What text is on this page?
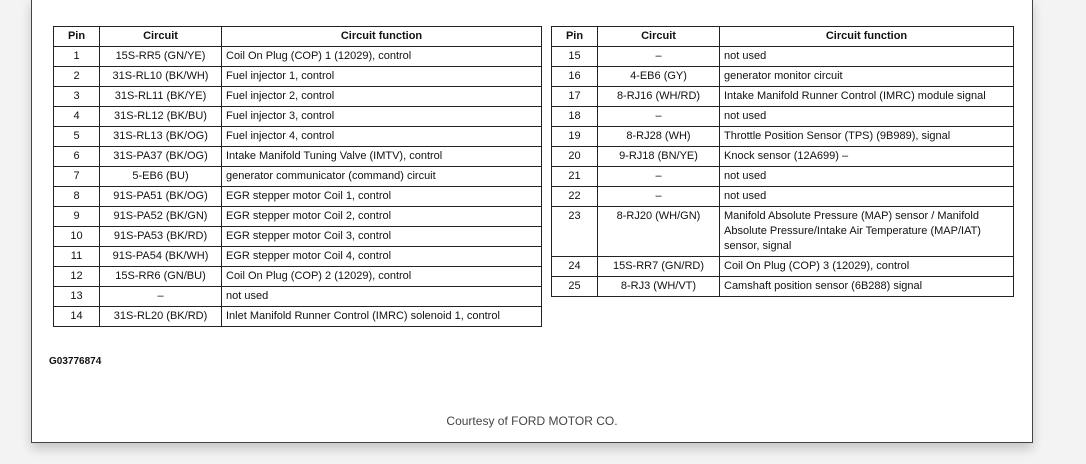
Pin	Circuit	Circuit function
1	15S-RR5 (GN/YE)	Coil On Plug (COP) 1 (12029), control
2	31S-RL10 (BK/WH)	Fuel injector 1, control
3	31S-RL11 (BK/YE)	Fuel injector 2, control
4	31S-RL12 (BK/BU)	Fuel injector 3, control
5	31S-RL13 (BK/OG)	Fuel injector 4, control
6	31S-PA37 (BK/OG)	Intake Manifold Tuning Valve (IMTV), control
7	5-EB6 (BU)	generator communicator (command) circuit
8	91S-PA51 (BK/OG)	EGR stepper motor Coil 1, control
9	91S-PA52 (BK/GN)	EGR stepper motor Coil 2, control
10	91S-PA53 (BK/RD)	EGR stepper motor Coil 3, control
11	91S-PA54 (BK/WH)	EGR stepper motor Coil 4, control
12	15S-RR6 (GN/BU)	Coil On Plug (COP) 2 (12029), control
13	–	not used
14	31S-RL20 (BK/RD)	Inlet Manifold Runner Control (IMRC) solenoid 1, control
Pin	Circuit	Circuit function
15	–	not used
16	4-EB6 (GY)	generator monitor circuit
17	8-RJ16 (WH/RD)	Intake Manifold Runner Control (IMRC) module signal
18	–	not used
19	8-RJ28 (WH)	Throttle Position Sensor (TPS) (9B989), signal
20	9-RJ18 (BN/YE)	Knock sensor (12A699) –
21	–	not used
22	–	not used
23	8-RJ20 (WH/GN)	Manifold Absolute Pressure (MAP) sensor / Manifold Absolute Pressure/Intake Air Temperature (MAP/IAT) sensor, signal
24	15S-RR7 (GN/RD)	Coil On Plug (COP) 3 (12029), control
25	8-RJ3 (WH/VT)	Camshaft position sensor (6B288) signal
G03776874
Courtesy of FORD MOTOR CO.
